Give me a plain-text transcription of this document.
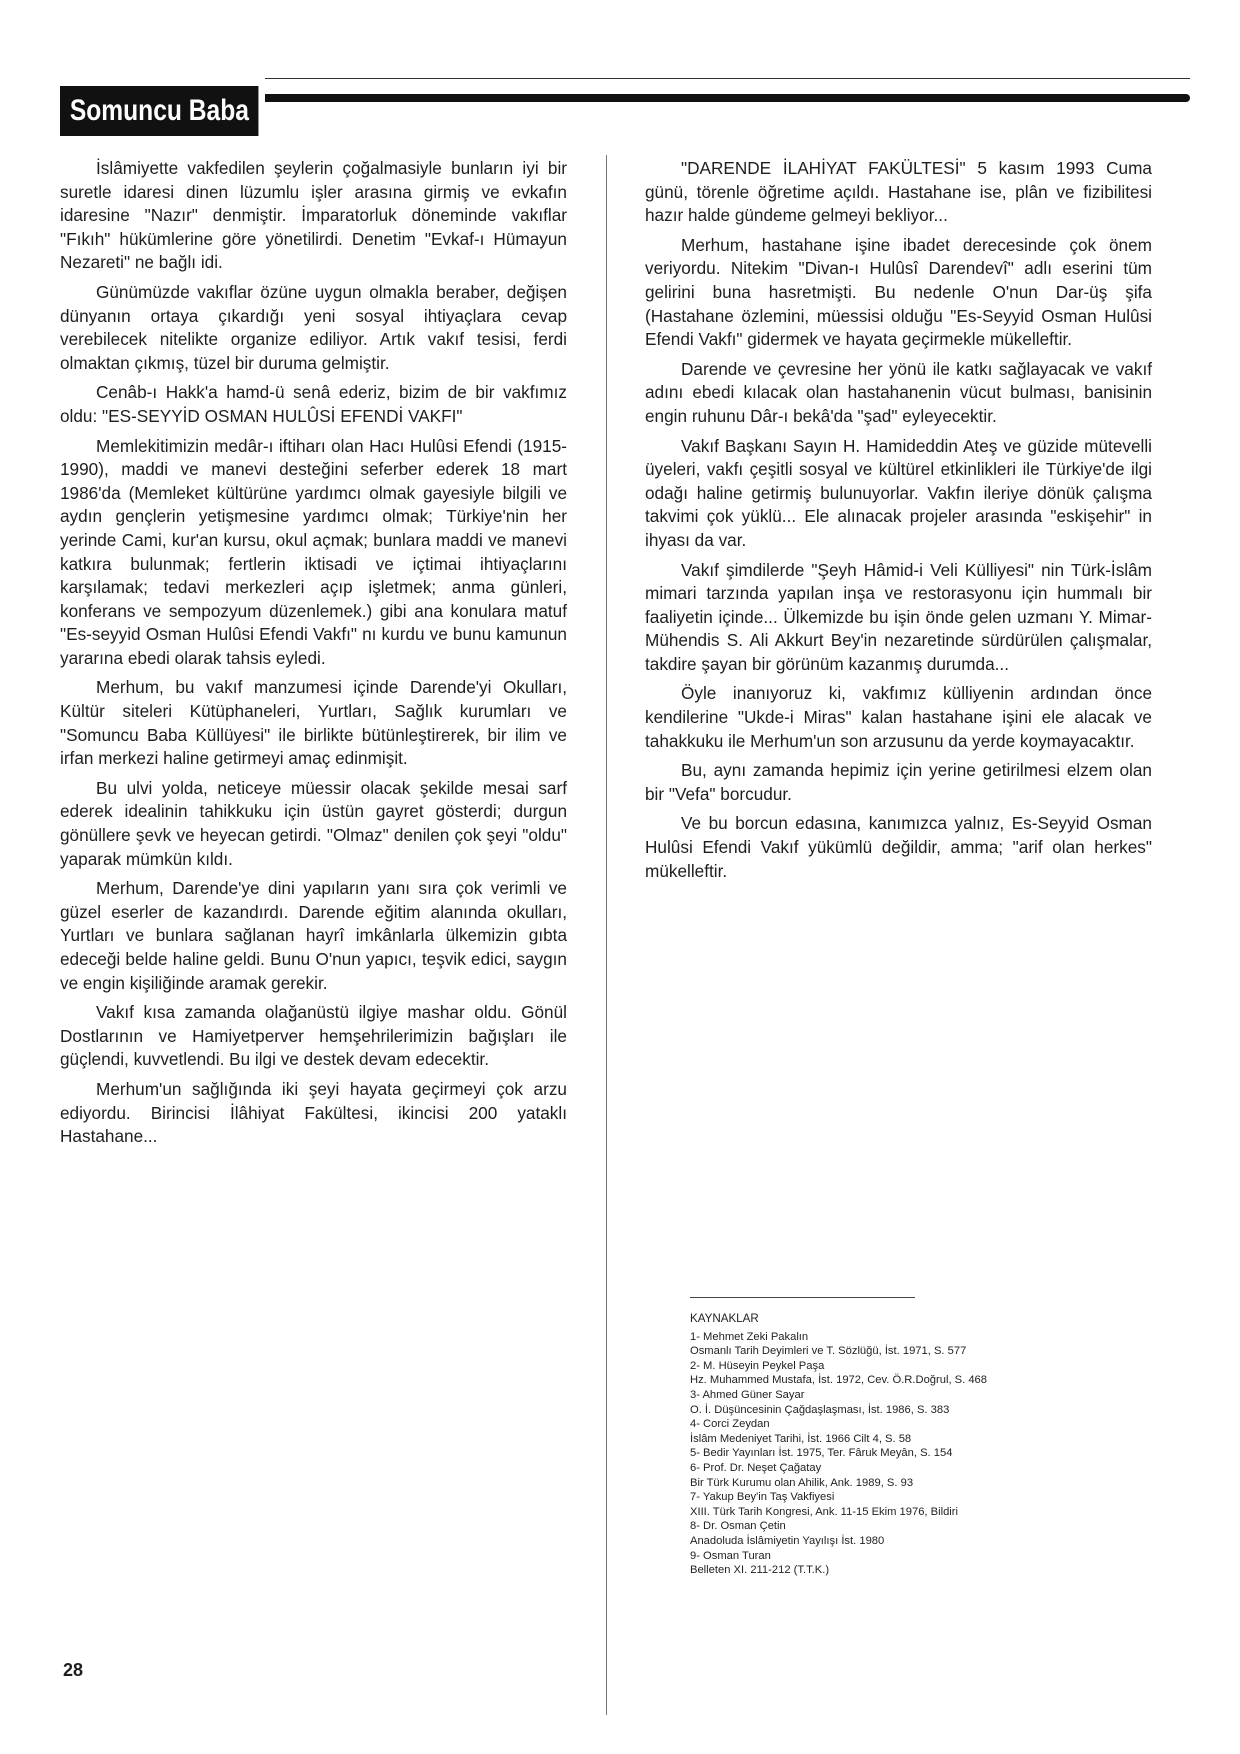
Somuncu Baba

İslâmiyette vakfedilen şeylerin çoğalmasiyle bunların iyi bir suretle idaresi dinen lüzumlu işler arasına girmiş ve evkafın idaresine "Nazır" denmiştir. İmparatorluk döneminde vakıflar "Fıkıh" hükümlerine göre yönetilirdi. Denetim "Evkaf-ı Hümayun Nezareti" ne bağlı idi.

Günümüzde vakıflar özüne uygun olmakla beraber, değişen dünyanın ortaya çıkardığı yeni sosyal ihtiyaçlara cevap verebilecek nitelikte organize ediliyor. Artık vakıf tesisi, ferdi olmaktan çıkmış, tüzel bir duruma gelmiştir.

Cenâb-ı Hakk'a hamd-ü senâ ederiz, bizim de bir vakfımız oldu: "ES-SEYYİD OSMAN HULÛSİ EFENDİ VAKFI"

Memlekitimizin medâr-ı iftiharı olan Hacı Hulûsi Efendi (1915-1990), maddi ve manevi desteğini seferber ederek 18 mart 1986'da (Memleket kültürüne yardımcı olmak gayesiyle bilgili ve aydın gençlerin yetişmesine yardımcı olmak; Türkiye'nin her yerinde Cami, kur'an kursu, okul açmak; bunlara maddi ve manevi katkıra bulunmak; fertlerin iktisadi ve içtimai ihtiyaçlarını karşılamak; tedavi merkezleri açıp işletmek; anma günleri, konferans ve sempozyum düzenlemek.) gibi ana konulara matuf "Es-seyyid Osman Hulûsi Efendi Vakfı" nı kurdu ve bunu kamunun yararına ebedi olarak tahsis eyledi.

Merhum, bu vakıf manzumesi içinde Darende'yi Okulları, Kültür siteleri Kütüphaneleri, Yurtları, Sağlık kurumları ve "Somuncu Baba Küllüyesi" ile birlikte bütünleştirerek, bir ilim ve irfan merkezi haline getirmeyi amaç edinmişit.

Bu ulvi yolda, neticeye müessir olacak şekilde mesai sarf ederek idealinin tahikkuku için üstün gayret gösterdi; durgun gönüllere şevk ve heyecan getirdi. "Olmaz" denilen çok şeyi "oldu" yaparak mümkün kıldı.

Merhum, Darende'ye dini yapıların yanı sıra çok verimli ve güzel eserler de kazandırdı. Darende eğitim alanında okulları, Yurtları ve bunlara sağlanan hayrî imkânlarla ülkemizin gıbta edeceği belde haline geldi. Bunu O'nun yapıcı, teşvik edici, saygın ve engin kişiliğinde aramak gerekir.

Vakıf kısa zamanda olağanüstü ilgiye mashar oldu. Gönül Dostlarının ve Hamiyetperver hemşehrilerimizin bağışları ile güçlendi, kuvvetlendi. Bu ilgi ve destek devam edecektir.

Merhum'un sağlığında iki şeyi hayata geçirmeyi çok arzu ediyordu. Birincisi İlâhiyat Fakültesi, ikincisi 200 yataklı Hastahane...

"DARENDE İLAHİYAT FAKÜLTESİ" 5 kasım 1993 Cuma günü, törenle öğretime açıldı. Hastahane ise, plân ve fizibilitesi hazır halde gündeme gelmeyi bekliyor...

Merhum, hastahane işine ibadet derecesinde çok önem veriyordu. Nitekim "Divan-ı Hulûsî Darendevî" adlı eserini tüm gelirini buna hasretmişti. Bu nedenle O'nun Dar-üş şifa (Hastahane özlemini, müessisi olduğu "Es-Seyyid Osman Hulûsi Efendi Vakfı" gidermek ve hayata geçirmekle mükelleftir.

Darende ve çevresine her yönü ile katkı sağlayacak ve vakıf adını ebedi kılacak olan hastahanenin vücut bulması, banisinin engin ruhunu Dâr-ı bekâ'da "şad" eyleyecektir.

Vakıf Başkanı Sayın H. Hamideddin Ateş ve güzide mütevelli üyeleri, vakfı çeşitli sosyal ve kültürel etkinlikleri ile Türkiye'de ilgi odağı haline getirmiş bulunuyorlar. Vakfın ileriye dönük çalışma takvimi çok yüklü... Ele alınacak projeler arasında "eskişehir" in ihyası da var.

Vakıf şimdilerde "Şeyh Hâmid-i Veli Külliyesi" nin Türk-İslâm mimari tarzında yapılan inşa ve restorasyonu için hummalı bir faaliyetin içinde... Ülkemizde bu işin önde gelen uzmanı Y. Mimar-Mühendis S. Ali Akkurt Bey'in nezaretinde sürdürülen çalışmalar, takdire şayan bir görünüm kazanmış durumda...

Öyle inanıyoruz ki, vakfımız külliyenin ardından önce kendilerine "Ukde-i Miras" kalan hastahane işini ele alacak ve tahakkuku ile Merhum'un son arzusunu da yerde koymayacaktır.

Bu, aynı zamanda hepimiz için yerine getirilmesi elzem olan bir "Vefa" borcudur.

Ve bu borcun edasına, kanımızca yalnız, Es-Seyyid Osman Hulûsi Efendi Vakıf yükümlü değildir, amma; "arif olan herkes" mükelleftir.

KAYNAKLAR

1- Mehmet Zeki Pakalın

Osmanlı Tarih Deyimleri ve T. Sözlüğü, İst. 1971, S. 577

2- M. Hüseyin Peykel Paşa

Hz. Muhammed Mustafa, İst. 1972, Cev. Ö.R.Doğrul, S. 468

3- Ahmed Güner Sayar

O. İ. Düşüncesinin Çağdaşlaşması, İst. 1986, S. 383

4- Corci Zeydan

İslâm Medeniyet Tarihi, İst. 1966 Cilt 4, S. 58

5- Bedir Yayınları İst. 1975, Ter. Fâruk Meyân, S. 154

6- Prof. Dr. Neşet Çağatay

Bir Türk Kurumu olan Ahilik, Ank. 1989, S. 93

7- Yakup Bey'in Taş Vakfiyesi

XIII. Türk Tarih Kongresi, Ank. 11-15 Ekim 1976, Bildiri

8- Dr. Osman Çetin

Anadoluda İslâmiyetin Yayılışı İst. 1980

9- Osman Turan

Belleten XI. 211-212 (T.T.K.)

28
